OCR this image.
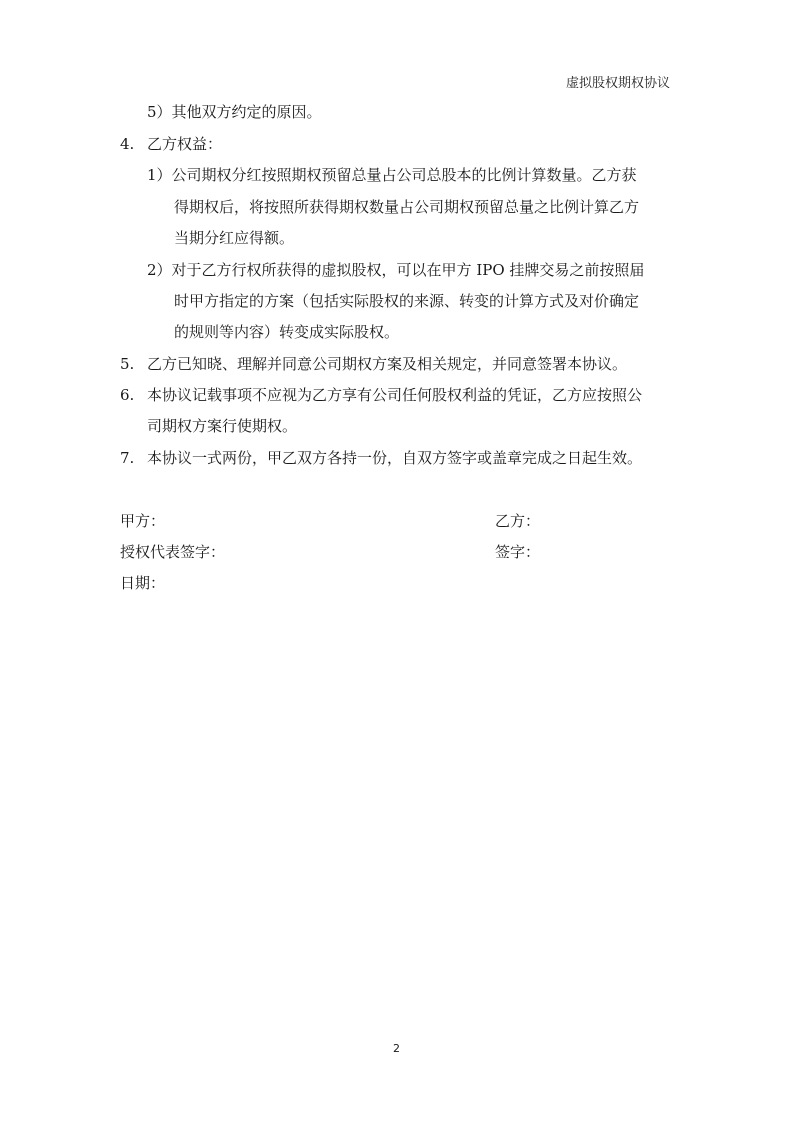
虚拟股权期权协议
5）其他双方约定的原因。
4. 乙方权益：
1）公司期权分红按照期权预留总量占公司总股本的比例计算数量。乙方获
得期权后，将按照所获得期权数量占公司期权预留总量之比例计算乙方
当期分红应得额。
2）对于乙方行权所获得的虚拟股权，可以在甲方 IPO 挂牌交易之前按照届
时甲方指定的方案（包括实际股权的来源、转变的计算方式及对价确定
的规则等内容）转变成实际股权。
5. 乙方已知晓、理解并同意公司期权方案及相关规定，并同意签署本协议。
6. 本协议记载事项不应视为乙方享有公司任何股权利益的凭证，乙方应按照公
司期权方案行使期权。
7. 本协议一式两份，甲乙双方各持一份，自双方签字或盖章完成之日起生效。
甲方：	乙方：
授权代表签字：	签字：
日期：
2
